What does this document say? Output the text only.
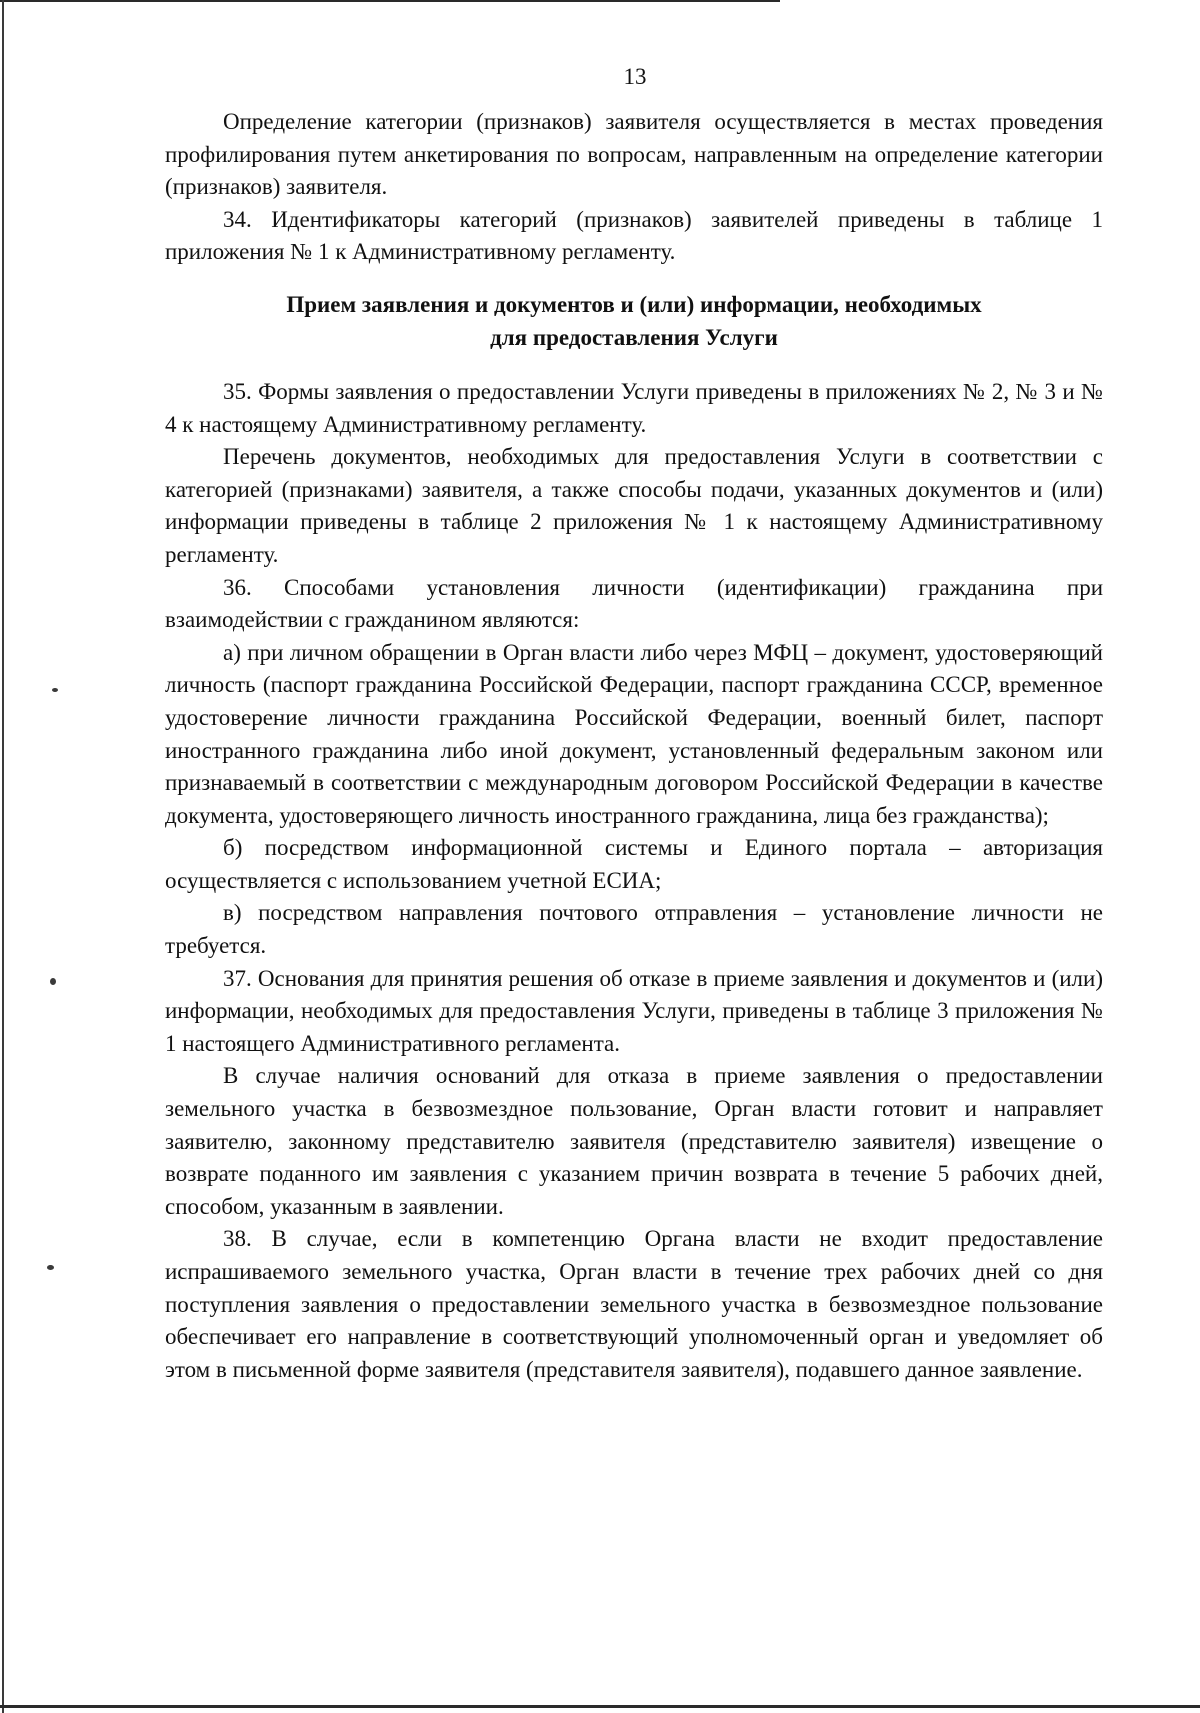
13

Определение категории (признаков) заявителя осуществляется в местах проведения профилирования путем анкетирования по вопросам, направленным на определение категории (признаков) заявителя.

34. Идентификаторы категорий (признаков) заявителей приведены в таблице 1 приложения № 1 к Административному регламенту.

Прием заявления и документов и (или) информации, необходимых
для предоставления Услуги

35. Формы заявления о предоставлении Услуги приведены в приложениях № 2, № 3 и № 4 к настоящему Административному регламенту.

Перечень документов, необходимых для предоставления Услуги в соответствии с категорией (признаками) заявителя, а также способы подачи, указанных документов и (или) информации приведены в таблице 2 приложения № 1 к настоящему Административному регламенту.

36. Способами установления личности (идентификации) гражданина при взаимодействии с гражданином являются:

а) при личном обращении в Орган власти либо через МФЦ – документ, удостоверяющий личность (паспорт гражданина Российской Федерации, паспорт гражданина СССР, временное удостоверение личности гражданина Российской Федерации, военный билет, паспорт иностранного гражданина либо иной документ, установленный федеральным законом или признаваемый в соответствии с международным договором Российской Федерации в качестве документа, удостоверяющего личность иностранного гражданина, лица без гражданства);

б) посредством информационной системы и Единого портала – авторизация осуществляется с использованием учетной ЕСИА;

в) посредством направления почтового отправления – установление личности не требуется.

37. Основания для принятия решения об отказе в приеме заявления и документов и (или) информации, необходимых для предоставления Услуги, приведены в таблице 3 приложения № 1 настоящего Административного регламента.

В случае наличия оснований для отказа в приеме заявления о предоставлении земельного участка в безвозмездное пользование, Орган власти готовит и направляет заявителю, законному представителю заявителя (представителю заявителя) извещение о возврате поданного им заявления с указанием причин возврата в течение 5 рабочих дней, способом, указанным в заявлении.

38. В случае, если в компетенцию Органа власти не входит предоставление испрашиваемого земельного участка, Орган власти в течение трех рабочих дней со дня поступления заявления о предоставлении земельного участка в безвозмездное пользование обеспечивает его направление в соответствующий уполномоченный орган и уведомляет об этом в письменной форме заявителя (представителя заявителя), подавшего данное заявление.
